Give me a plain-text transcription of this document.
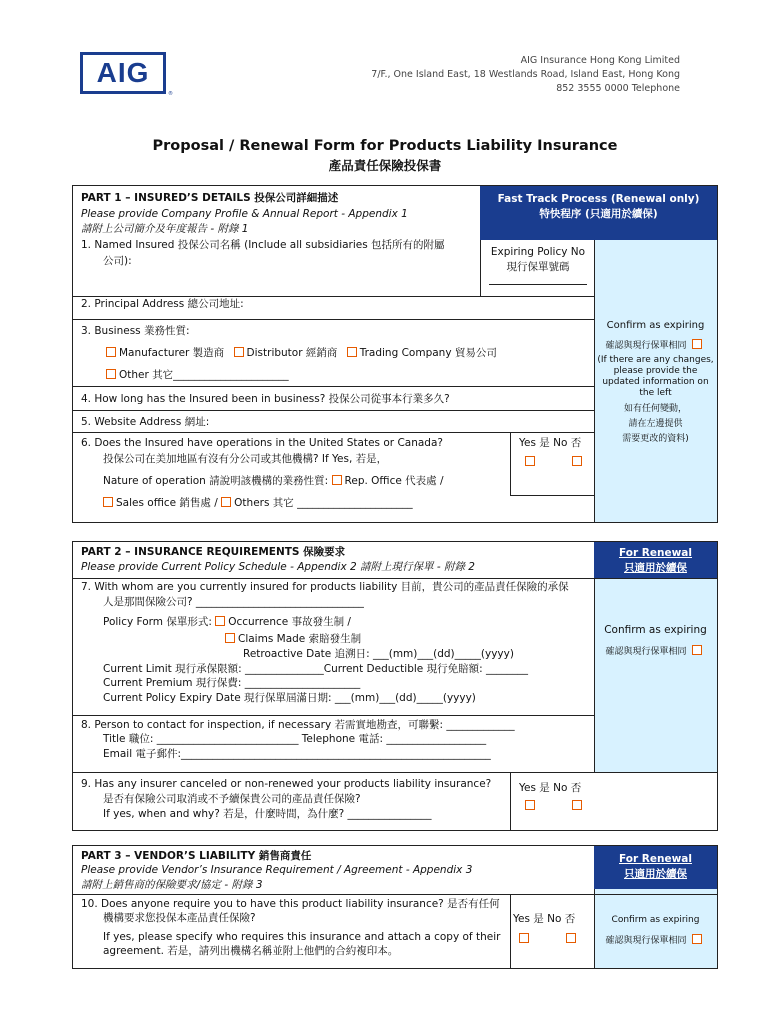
AIG
®
AIG Insurance Hong Kong Limited
7/F., One Island East, 18 Westlands Road, Island East, Hong Kong
852 3555 0000 Telephone
Proposal / Renewal Form for Products Liability Insurance
產品責任保險投保書
Fast Track Process (Renewal only)
特快程序 (只適用於續保)
Expiring Policy No
現行保單號碼
PART 1 – INSURED’S DETAILS 投保公司詳細描述
Please provide Company Profile & Annual Report - Appendix 1
請附上公司簡介及年度報告 - 附錄 1
1. Named Insured 投保公司名稱 (Include all subsidiaries 包括所有的附屬
公司):
2. Principal Address 總公司地址:
3. Business 業務性質:
Manufacturer 製造商 Distributor 經銷商 Trading Company 貿易公司
Other 其它______________________
4. How long has the Insured been in business? 投保公司從事本行業多久?
5. Website Address 網址:
6. Does the Insured have operations in the United States or Canada?
投保公司在美加地區有沒有分公司或其他機構? If Yes, 若是，
Yes 是 No 否
Nature of operation 請說明該機構的業務性質: Rep. Office 代表處 /
Sales office 銷售處 / Others 其它 ______________________
Confirm as expiring
確認與現行保單相同
(If there are any changes,
please provide the
updated information on
the left
如有任何變動，
請在左邊提供
需要更改的資料)
For Renewal
只適用於續保
PART 2 – INSURANCE REQUIREMENTS 保險要求
Please provide Current Policy Schedule - Appendix 2 請附上現行保單 - 附錄 2
7. With whom are you currently insured for products liability 目前，貴公司的產品責任保險的承保
人是那間保險公司? ________________________________
Policy Form 保單形式: Occurrence 事故發生制 /
Claims Made 索賠發生制
Retroactive Date 追溯日: ___(mm)___(dd)_____(yyyy)
Current Limit 現行承保限額: _______________Current Deductible 現行免賠額: ________
Current Premium 現行保費: ______________________
Current Policy Expiry Date 現行保單屆滿日期: ___(mm)___(dd)_____(yyyy)
8. Person to contact for inspection, if necessary 若需實地勘查，可聯繫: _____________
Title 職位: ___________________________ Telephone 電話: ___________________
Email 電子郵件:___________________________________________________________
9. Has any insurer canceled or non-renewed your products liability insurance?
是否有保險公司取消或不予續保貴公司的產品責任保險?
If yes, when and why? 若是，什麼時間，為什麼? ________________
Yes 是 No 否
Confirm as expiring
確認與現行保單相同
For Renewal
只適用於續保
PART 3 – VENDOR’S LIABILITY 銷售商責任
Please provide Vendor’s Insurance Requirement / Agreement - Appendix 3
請附上銷售商的保險要求/協定 - 附錄 3
10. Does anyone require you to have this product liability insurance? 是否有任何
機構要求您投保本產品責任保險?
If yes, please specify who requires this insurance and attach a copy of their
agreement. 若是，請列出機構名稱並附上他們的合約複印本。
Yes 是 No 否	Confirm as expiring
確認與現行保單相同
